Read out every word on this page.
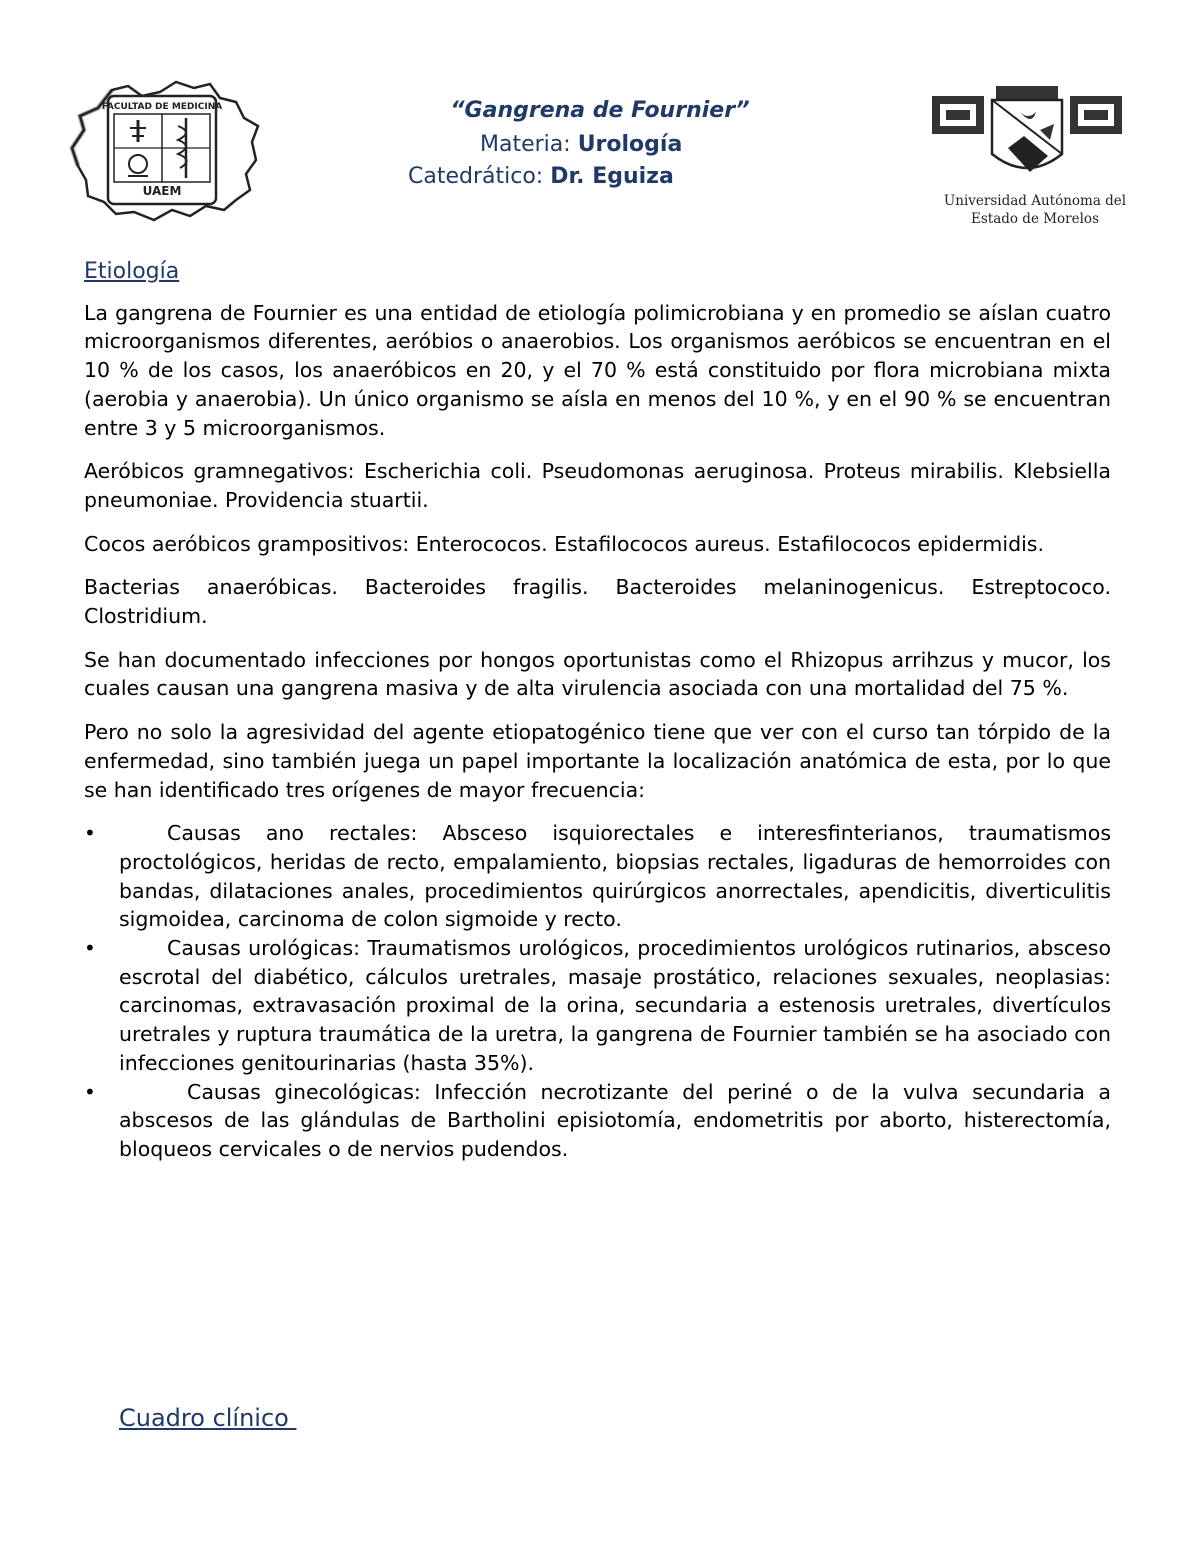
FACULTAD DE MEDICINA
UAEM
“Gangrena de Fournier”
Materia: Urología
Catedrático: Dr. Eguiza
Universidad Autónoma del
Estado de Morelos
Etiología

La gangrena de Fournier es una entidad de etiología polimicrobiana y en promedio se aíslan cuatro microorganismos diferentes, aeróbios o anaerobios. Los organismos aeróbicos se encuentran en el 10 % de los casos, los anaeróbicos en 20, y el 70 % está constituido por flora microbiana mixta (aerobia y anaerobia). Un único organismo se aísla en menos del 10 %, y en el 90 % se encuentran entre 3 y 5 microorganismos.

Aeróbicos gramnegativos: Escherichia coli. Pseudomonas aeruginosa. Proteus mirabilis. Klebsiella pneumoniae. Providencia stuartii.

Cocos aeróbicos grampositivos: Enterococos. Estafilococos aureus. Estafilococos epidermidis.

Bacterias anaeróbicas. Bacteroides fragilis. Bacteroides melaninogenicus. Estreptococo. Clostridium.

Se han documentado infecciones por hongos oportunistas como el Rhizopus arrihzus y mucor, los cuales causan una gangrena masiva y de alta virulencia asociada con una mortalidad del 75 %.

Pero no solo la agresividad del agente etiopatogénico tiene que ver con el curso tan tórpido de la enfermedad, sino también juega un papel importante la localización anatómica de esta, por lo que se han identificado tres orígenes de mayor frecuencia:

•	Causas ano rectales: Absceso isquiorectales e interesfinterianos, traumatismos proctológicos, heridas de recto, empalamiento, biopsias rectales, ligaduras de hemorroides con bandas, dilataciones anales, procedimientos quirúrgicos anorrectales, apendicitis, diverticulitis sigmoidea, carcinoma de colon sigmoide y recto.
•	Causas urológicas: Traumatismos urológicos, procedimientos urológicos rutinarios, absceso escrotal del diabético, cálculos uretrales, masaje prostático, relaciones sexuales, neoplasias: carcinomas, extravasación proximal de la orina, secundaria a estenosis uretrales, divertículos uretrales y ruptura traumática de la uretra, la gangrena de Fournier también se ha asociado con infecciones genitourinarias (hasta 35%).
•	Causas ginecológicas: Infección necrotizante del periné o de la vulva secundaria a abscesos de las glándulas de Bartholini episiotomía, endometritis por aborto, histerectomía, bloqueos cervicales o de nervios pudendos.
Cuadro clínico
